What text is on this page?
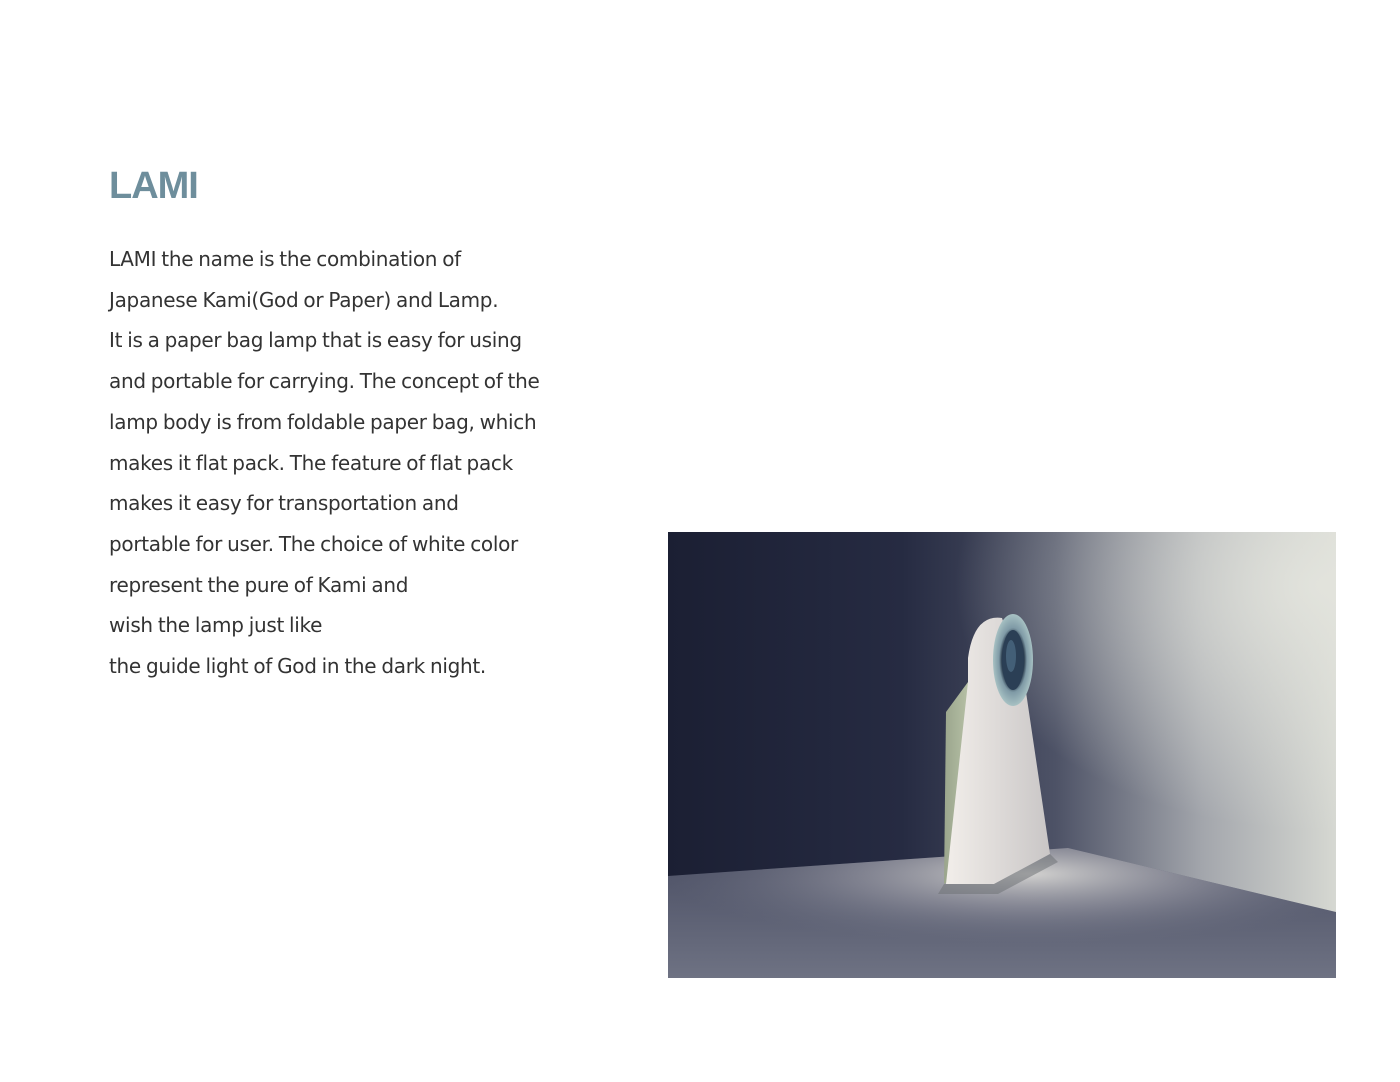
LAMI
LAMI the name is the combination of
Japanese Kami(God or Paper) and Lamp.
It is a paper bag lamp that is easy for using
and portable for carrying. The concept of the
lamp body is from foldable paper bag, which
makes it flat pack. The feature of flat pack
makes it easy for transportation and
portable for user. The choice of white color
represent the pure of Kami and
wish the lamp just like
the guide light of God in the dark night.
